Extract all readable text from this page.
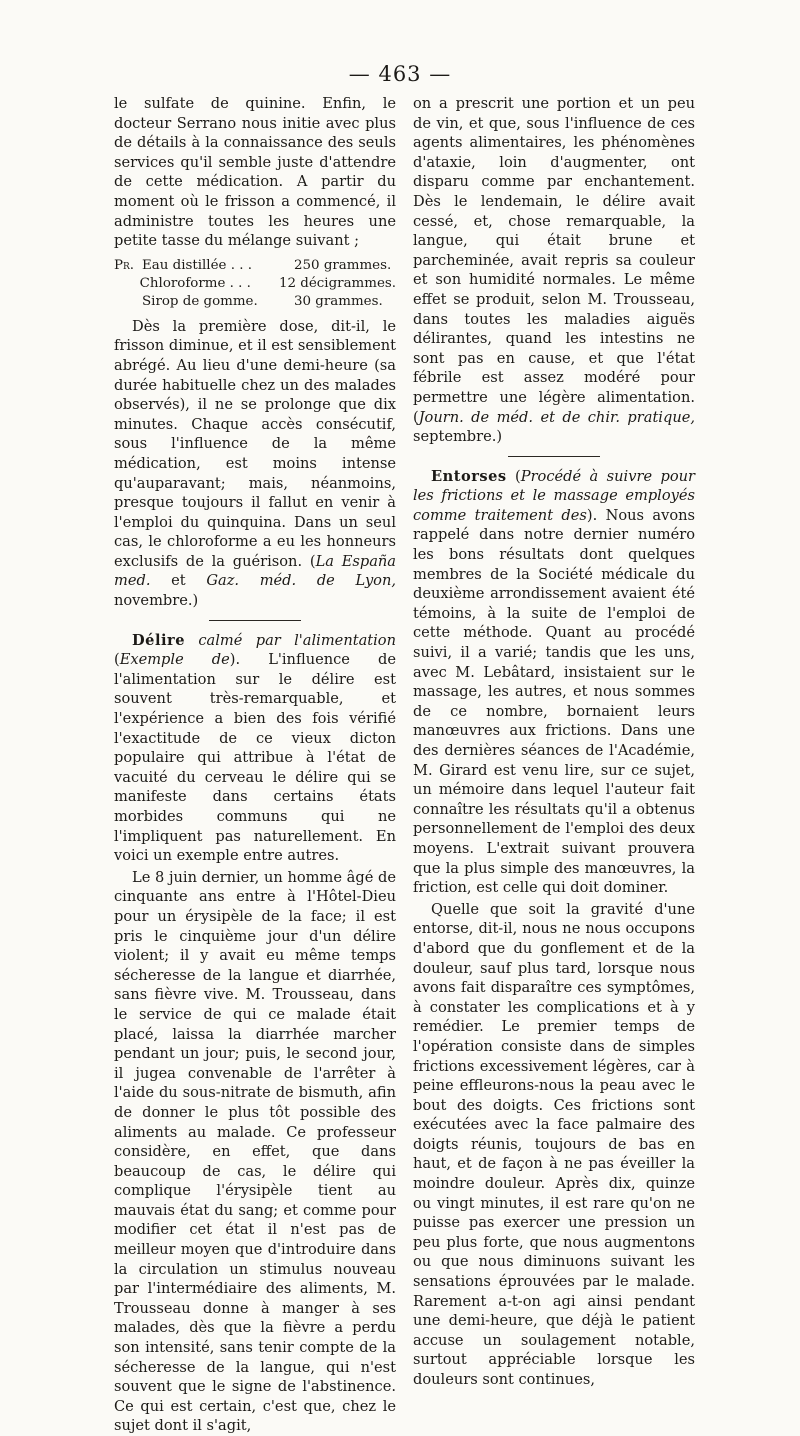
— 463 —

le sulfate de quinine. Enfin, le docteur Serrano nous initie avec plus de détails à la connaissance des seuls services qu'il semble juste d'attendre de cette médication. A partir du moment où le frisson a commencé, il administre toutes les heures une petite tasse du mélange suivant ;

Pr. Eau distillée . . .	250 grammes.
Chloroforme . . .	12 décigrammes.
Sirop de gomme.	30 grammes.

Dès la première dose, dit-il, le frisson diminue, et il est sensiblement abrégé. Au lieu d'une demi-heure (sa durée habituelle chez un des malades observés), il ne se prolonge que dix minutes. Chaque accès consécutif, sous l'influence de la même médication, est moins intense qu'auparavant; mais, néanmoins, presque toujours il fallut en venir à l'emploi du quinquina. Dans un seul cas, le chloroforme a eu les honneurs exclusifs de la guérison. (La España med. et Gaz. méd. de Lyon, novembre.)

Délire calmé par l'alimentation (Exemple de). L'influence de l'alimentation sur le délire est souvent très-remarquable, et l'expérience a bien des fois vérifié l'exactitude de ce vieux dicton populaire qui attribue à l'état de vacuité du cerveau le délire qui se manifeste dans certains états morbides communs qui ne l'impliquent pas naturellement. En voici un exemple entre autres.

Le 8 juin dernier, un homme âgé de cinquante ans entre à l'Hôtel-Dieu pour un érysipèle de la face; il est pris le cinquième jour d'un délire violent; il y avait eu même temps sécheresse de la langue et diarrhée, sans fièvre vive. M. Trousseau, dans le service de qui ce malade était placé, laissa la diarrhée marcher pendant un jour; puis, le second jour, il jugea convenable de l'arrêter à l'aide du sous-nitrate de bismuth, afin de donner le plus tôt possible des aliments au malade. Ce professeur considère, en effet, que dans beaucoup de cas, le délire qui complique l'érysipèle tient au mauvais état du sang; et comme pour modifier cet état il n'est pas de meilleur moyen que d'introduire dans la circulation un stimulus nouveau par l'intermédiaire des aliments, M. Trousseau donne à manger à ses malades, dès que la fièvre a perdu son intensité, sans tenir compte de la sécheresse de la langue, qui n'est souvent que le signe de l'abstinence. Ce qui est certain, c'est que, chez le sujet dont il s'agit,

on a prescrit une portion et un peu de vin, et que, sous l'influence de ces agents alimentaires, les phénomènes d'ataxie, loin d'augmenter, ont disparu comme par enchantement. Dès le lendemain, le délire avait cessé, et, chose remarquable, la langue, qui était brune et parcheminée, avait repris sa couleur et son humidité normales. Le même effet se produit, selon M. Trousseau, dans toutes les maladies aiguës délirantes, quand les intestins ne sont pas en cause, et que l'état fébrile est assez modéré pour permettre une légère alimentation. (Journ. de méd. et de chir. pratique, septembre.)

Entorses (Procédé à suivre pour les frictions et le massage employés comme traitement des). Nous avons rappelé dans notre dernier numéro les bons résultats dont quelques membres de la Société médicale du deuxième arrondissement avaient été témoins, à la suite de l'emploi de cette méthode. Quant au procédé suivi, il a varié; tandis que les uns, avec M. Lebâtard, insistaient sur le massage, les autres, et nous sommes de ce nombre, bornaient leurs manœuvres aux frictions. Dans une des dernières séances de l'Académie, M. Girard est venu lire, sur ce sujet, un mémoire dans lequel l'auteur fait connaître les résultats qu'il a obtenus personnellement de l'emploi des deux moyens. L'extrait suivant prouvera que la plus simple des manœuvres, la friction, est celle qui doit dominer.

Quelle que soit la gravité d'une entorse, dit-il, nous ne nous occupons d'abord que du gonflement et de la douleur, sauf plus tard, lorsque nous avons fait disparaître ces symptômes, à constater les complications et à y remédier. Le premier temps de l'opération consiste dans de simples frictions excessivement légères, car à peine effleurons-nous la peau avec le bout des doigts. Ces frictions sont exécutées avec la face palmaire des doigts réunis, toujours de bas en haut, et de façon à ne pas éveiller la moindre douleur. Après dix, quinze ou vingt minutes, il est rare qu'on ne puisse pas exercer une pression un peu plus forte, que nous augmentons ou que nous diminuons suivant les sensations éprouvées par le malade. Rarement a-t-on agi ainsi pendant une demi-heure, que déjà le patient accuse un soulagement notable, surtout appréciable lorsque les douleurs sont continues,
